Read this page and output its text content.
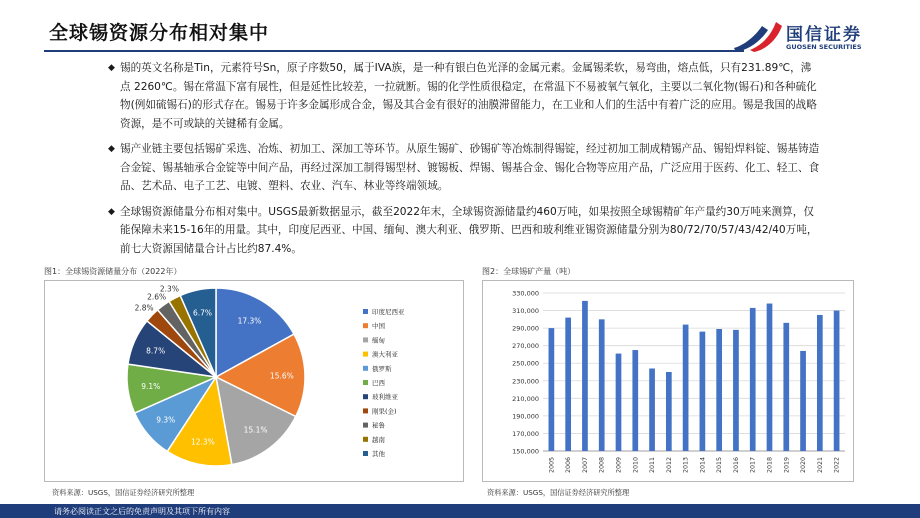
全球锡资源分布相对集中	国信证券
GUOSEN SECURITIES
◆ 锡的英文名称是Tin，元素符号Sn，原子序数50，属于IVA族，是一种有银白色光泽的金属元素。金属锡柔软，易弯曲，熔点低，只有231.89℃，沸点 2260℃。锡在常温下富有展性，但是延性比较差，一拉就断。锡的化学性质很稳定，在常温下不易被氧气氧化，主要以二氧化物(锡石)和各种硫化物(例如硫锡石)的形式存在。锡易于许多金属形成合金，锡及其合金有很好的油膜滞留能力，在工业和人们的生活中有着广泛的应用。锡是我国的战略资源，是不可或缺的关键稀有金属。
◆ 锡产业链主要包括锡矿采选、冶炼、初加工、深加工等环节。从原生锡矿、砂锡矿等冶炼制得锡锭，经过初加工制成精锡产品、锡铅焊料锭、锡基铸造合金锭、锡基轴承合金锭等中间产品，再经过深加工制得锡型材、镀锡板、焊锡、锡基合金、锡化合物等应用产品，广泛应用于医药、化工、轻工、食品、艺术品、电子工艺、电镀、塑料、农业、汽车、林业等终端领域。
◆ 全球锡资源储量分布相对集中。USGS最新数据显示，截至2022年末，全球锡资源储量约460万吨，如果按照全球锡精矿年产量约30万吨来测算，仅能保障未来15-16年的用量。其中，印度尼西亚、中国、缅甸、澳大利亚、俄罗斯、巴西和玻利维亚锡资源储量分别为80/72/70/57/43/42/40万吨，前七大资源国储量合计占比约87.4%。
图1：全球锡资源储量分布（2022年）	图2：全球锡矿产量（吨）
17.3%
15.6%
15.1%
12.3%
9.3%
9.1%
8.7%
2.8%
2.6%
2.3%
6.7%	印度尼西亚
中国
缅甸
澳大利亚
俄罗斯
巴西
玻利维亚
刚果(金)
秘鲁
越南
其他	150,000
170,000
190,000
210,000
230,000
250,000
270,000
290,000
310,000
330,000
2005 2006 2007 2008 2009 2010 2011 2012 2013 2014 2015 2016 2017 2018 2019 2020 2021 2022
资料来源：USGS，国信证券经济研究所整理	资料来源：USGS，国信证券经济研究所整理
请务必阅读正文之后的免责声明及其项下所有内容
